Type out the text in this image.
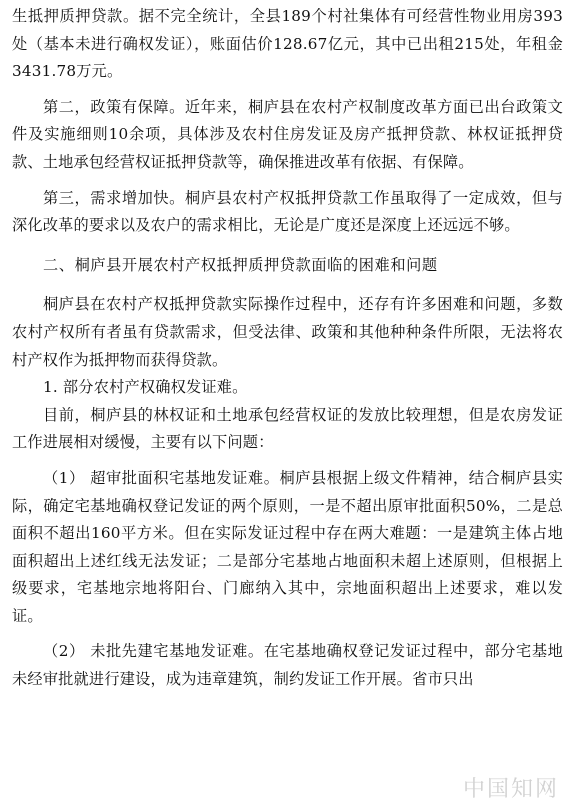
生抵押质押贷款。据不完全统计，全县189个村社集体有可经营性物业用房393处（基本未进行确权发证），账面估价128.67亿元，其中已出租215处，年租金3431.78万元。

第二，政策有保障。近年来，桐庐县在农村产权制度改革方面已出台政策文件及实施细则10余项，具体涉及农村住房发证及房产抵押贷款、林权证抵押贷款、土地承包经营权证抵押贷款等，确保推进改革有依据、有保障。

第三，需求增加快。桐庐县农村产权抵押贷款工作虽取得了一定成效，但与深化改革的要求以及农户的需求相比，无论是广度还是深度上还远远不够。

二、桐庐县开展农村产权抵押质押贷款面临的困难和问题

桐庐县在农村产权抵押贷款实际操作过程中，还存有许多困难和问题，多数农村产权所有者虽有贷款需求，但受法律、政策和其他种种条件所限，无法将农村产权作为抵押物而获得贷款。

1. 部分农村产权确权发证难。

目前，桐庐县的林权证和土地承包经营权证的发放比较理想，但是农房发证工作进展相对缓慢，主要有以下问题：

（1） 超审批面积宅基地发证难。桐庐县根据上级文件精神，结合桐庐县实际，确定宅基地确权登记发证的两个原则，一是不超出原审批面积50%，二是总面积不超出160平方米。但在实际发证过程中存在两大难题：一是建筑主体占地面积超出上述红线无法发证；二是部分宅基地占地面积未超上述原则，但根据上级要求，宅基地宗地将阳台、门廊纳入其中，宗地面积超出上述要求，难以发证。

（2） 未批先建宅基地发证难。在宅基地确权登记发证过程中，部分宅基地未经审批就进行建设，成为违章建筑，制约发证工作开展。省市只出

中国知网
